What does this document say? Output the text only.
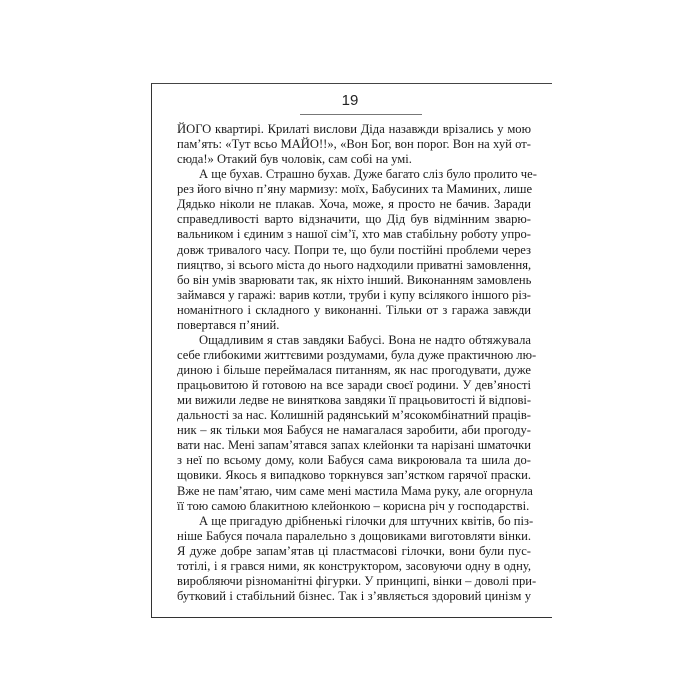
19
ЙОГО квартирі. Крилаті вислови Діда назавжди врізались у мою
пам’ять: «Тут всьо МАЙО!!», «Вон Бог, вон порог. Вон на хуй от-
сюда!» Отакий був чоловік, сам собі на умі.
А ще бухав. Страшно бухав. Дуже багато сліз було пролито че-
рез його вічно п’яну мармизу: моїх, Бабусиних та Маминих, лише
Дядько ніколи не плакав. Хоча, може, я просто не бачив. Заради
справедливості варто відзначити, що Дід був відмінним зварю-
вальником і єдиним з нашої сім’ї, хто мав стабільну роботу упро-
довж тривалого часу. Попри те, що були постійні проблеми через
пияцтво, зі всього міста до нього надходили приватні замовлення,
бо він умів зварювати так, як ніхто інший. Виконанням замовлень
займався у гаражі: варив котли, труби і купу всілякого іншого різ-
номанітного і складного у виконанні. Тільки от з гаража завжди
повертався п’яний.
Ощадливим я став завдяки Бабусі. Вона не надто обтяжувала
себе глибокими життєвими роздумами, була дуже практичною лю-
диною і більше переймалася питанням, як нас прогодувати, дуже
працьовитою й готовою на все заради своєї родини. У дев’яності
ми вижили ледве не виняткова завдяки її працьовитості й відпові-
дальності за нас. Колишній радянський м’ясокомбінатний праців-
ник – як тільки моя Бабуся не намагалася заробити, аби прогоду-
вати нас. Мені запам’ятався запах клейонки та нарізані шматочки
з неї по всьому дому, коли Бабуся сама викроювала та шила до-
щовики. Якось я випадково торкнувся зап’ястком гарячої праски.
Вже не пам’ятаю, чим саме мені мастила Мама руку, але огорнула
її тою самою блакитною клейонкою – корисна річ у господарстві.
А ще пригадую дрібненькі гілочки для штучних квітів, бо піз-
ніше Бабуся почала паралельно з дощовиками виготовляти вінки.
Я дуже добре запам’ятав ці пластмасові гілочки, вони були пус-
тотілі, і я грався ними, як конструктором, засовуючи одну в одну,
виробляючи різноманітні фігурки. У принципі, вінки – доволі при-
бутковий і стабільний бізнес. Так і з’являється здоровий цинізм у
